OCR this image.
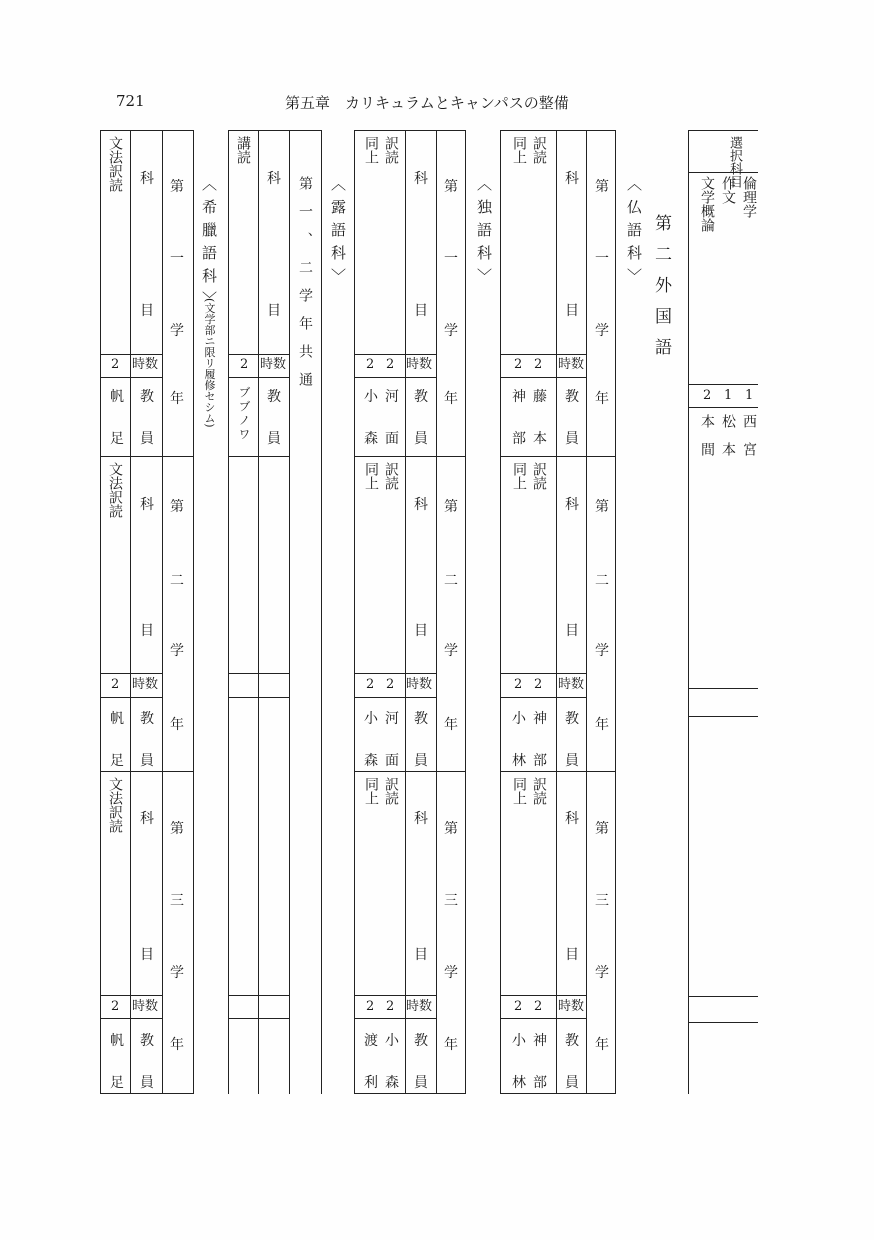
721	第五章　カリキュラムとキャンパスの整備
文法訳読 科
目
第
一
学
年
2 時数
帆
足
教
員
文法訳読 科
目
第
二
学
年
2 時数
帆
足
教
員
文法訳読 科
目
第
三
学
年
2 時数
帆
足
教
員
〈希臘語科〉
(文学部ニ限リ履修セシム)
講読
科
目 第一、二学年共通
2 時数
ブブノワ 教
員
〈露語科〉
訳読
同上
科
目
第
一
学
年
2 2 時数
小
森
河
面
教
員
訳読
同上
科
目
第
二
学
年
2 2 時数
小
森
河
面
教
員
訳読
同上
科
目
第
三
学
年
2 2 時数
渡
利
小
森
教
員
〈独語科〉
訳読
同上
科
目
第
一
学
年
2 2 時数
神
部
藤
本
教
員
訳読
同上
科
目
第
二
学
年
2 2 時数
小
林
神
部
教
員
訳読
同上
科
目
第
三
学
年
2 2 時数
小
林
神
部
教
員
〈仏語科〉 第二外国語
選択科目
倫理学
作文
文学概論
1
1
2
西宮
松本
本間
